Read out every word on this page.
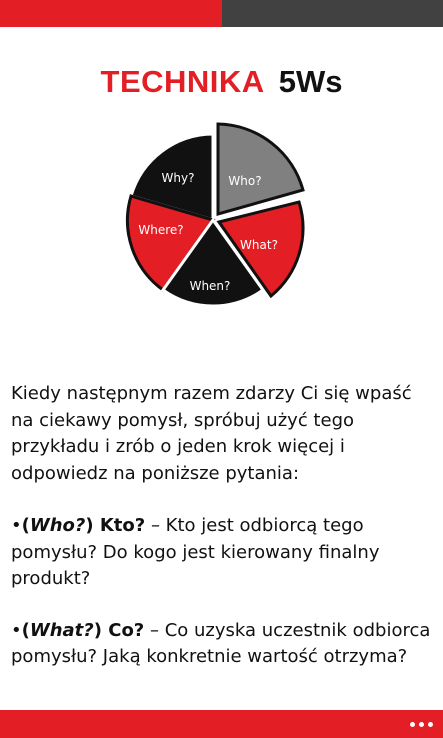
TECHNIKA 5Ws
Why?	Who?
Where?
What?
When?

Kiedy następnym razem zdarzy Ci się wpaść na ciekawy pomysł, spróbuj użyć tego przykładu i zrób o jeden krok więcej i odpowiedz na poniższe pytania:

•(Who?) Kto? – Kto jest odbiorcą tego pomysłu? Do kogo jest kierowany finalny produkt?

•(What?) Co? – Co uzyska uczestnik odbiorca pomysłu? Jaką konkretnie wartość otrzyma?
